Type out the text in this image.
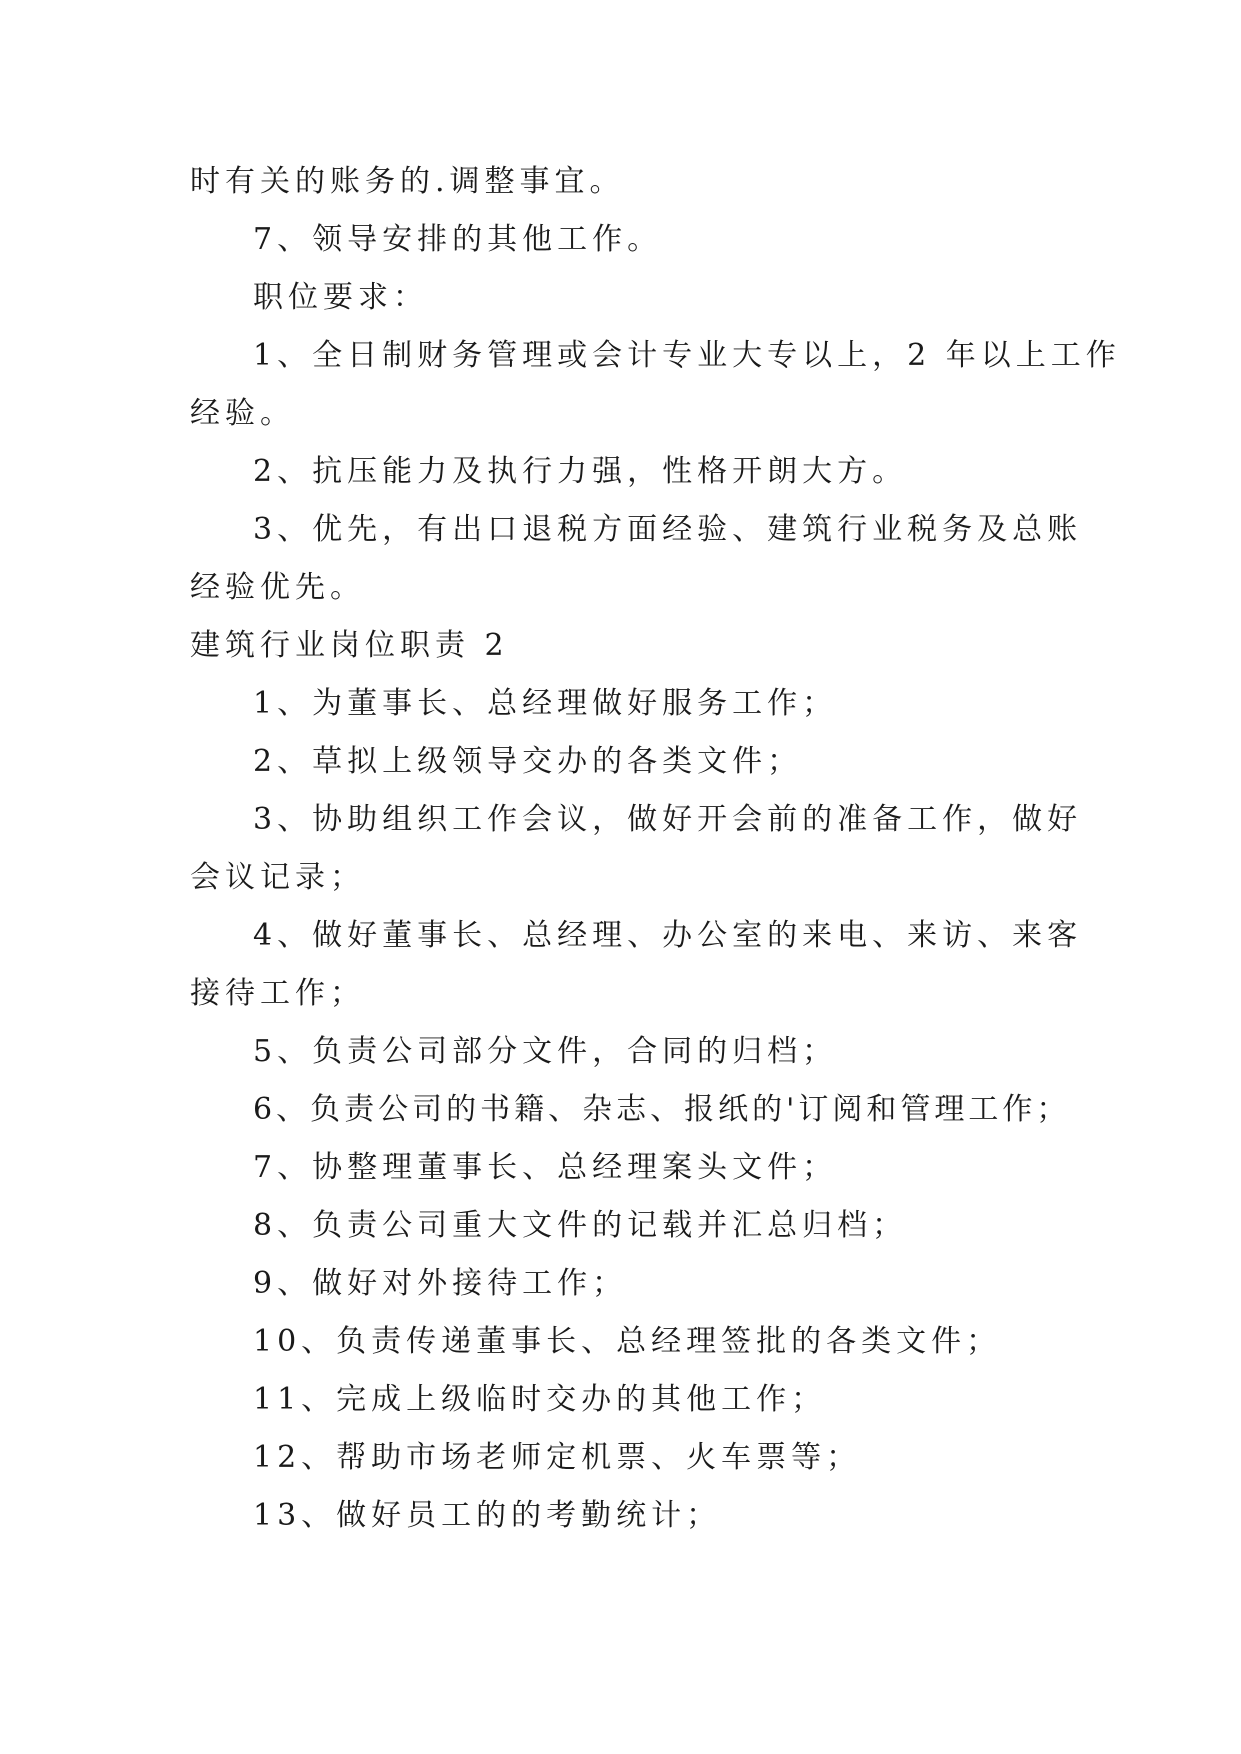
时有关的账务的.调整事宜。
7、领导安排的其他工作。
职位要求：
1、全日制财务管理或会计专业大专以上，2 年以上工作
经验。
2、抗压能力及执行力强，性格开朗大方。
3、优先，有出口退税方面经验、建筑行业税务及总账
经验优先。
建筑行业岗位职责 2
1、为董事长、总经理做好服务工作；
2、草拟上级领导交办的各类文件；
3、协助组织工作会议，做好开会前的准备工作，做好
会议记录；
4、做好董事长、总经理、办公室的来电、来访、来客
接待工作；
5、负责公司部分文件，合同的归档；
6、负责公司的书籍、杂志、报纸的'订阅和管理工作；
7、协整理董事长、总经理案头文件；
8、负责公司重大文件的记载并汇总归档；
9、做好对外接待工作；
10、负责传递董事长、总经理签批的各类文件；
11、完成上级临时交办的其他工作；
12、帮助市场老师定机票、火车票等；
13、做好员工的的考勤统计；
